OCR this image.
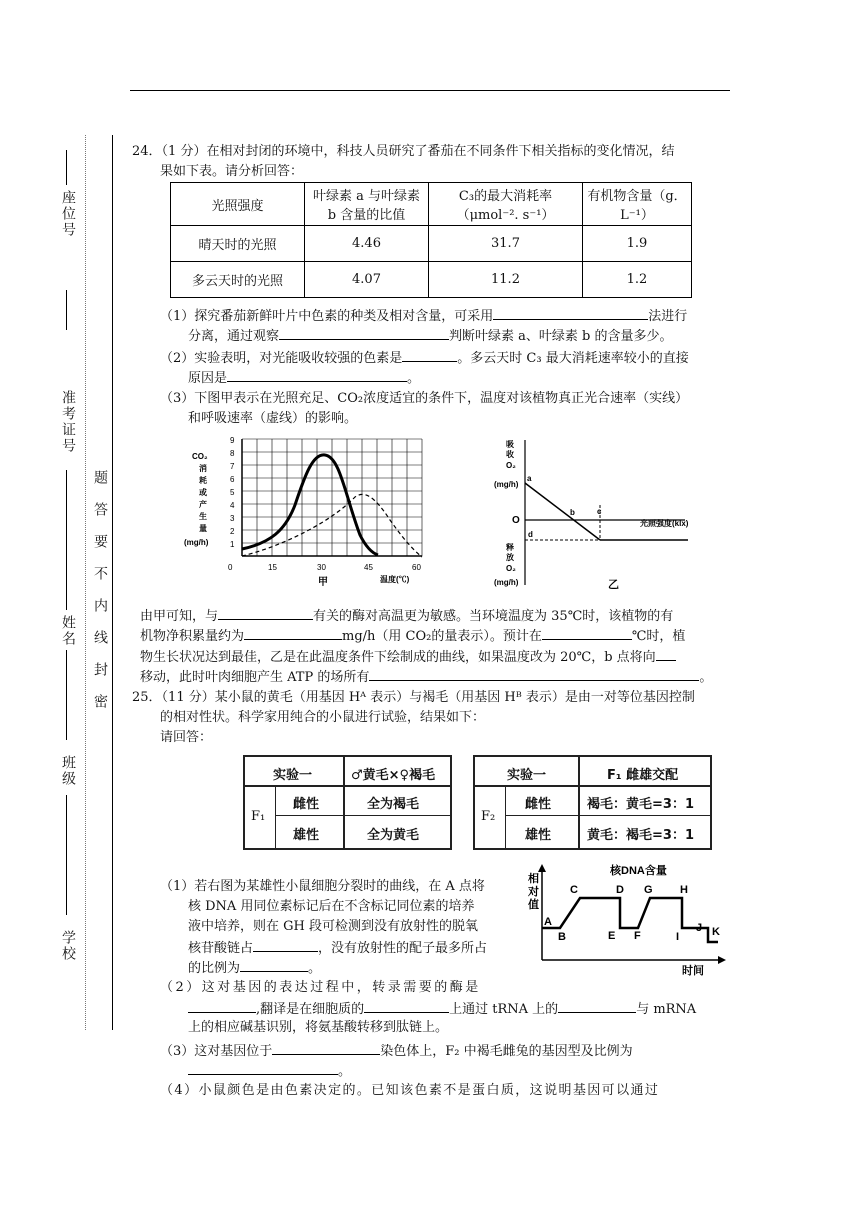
座位号
准考证号
姓名
班级
学校
题答要不内线封密
24．（1 分）在相对封闭的环境中，科技人员研究了番茄在不同条件下相关指标的变化情况，结
果如下表。请分析回答：
光照强度	叶绿素 a 与叶绿素 b 含量的比值	C₃的最大消耗率（μmol⁻². s⁻¹）	有机物含量（g．L⁻¹）
晴天时的光照	4.46	31.7	1.9
多云天时的光照	4.07	11.2	1.2
（1）探究番茄新鲜叶片中色素的种类及相对含量，可采用	法进行
分离，通过观察	判断叶绿素 a、叶绿素 b 的含量多少。
（2）实验表明，对光能吸收较强的色素是	。多云天时 C₃ 最大消耗速率较小的直接
原因是	。
（3）下图甲表示在光照充足、CO₂浓度适宜的条件下，温度对该植物真正光合速率（实线）
和呼吸速率（虚线）的影响。
CO₂
消
耗
或
产
生
量
(mg/h)
9
8
7
6
5
4
3
2
1
0	15	30	45	60
温度(℃)
甲
吸
收
O₂
(mg/h)
释
放
O₂
(mg/h)
O	光照强度(klx)
a
b	c
d
乙
由甲可知，与	有关的酶对高温更为敏感。当环境温度为 35℃时，该植物的有
机物净积累量约为	mg/h（用 CO₂的量表示）。预计在	℃时，植
物生长状况达到最佳，乙是在此温度条件下绘制成的曲线，如果温度改为 20℃，b 点将向
移动，此时叶肉细胞产生 ATP 的场所有	。
25．（11 分）某小鼠的黄毛（用基因 Hᴬ 表示）与褐毛（用基因 Hᴮ 表示）是由一对等位基因控制
的相对性状。科学家用纯合的小鼠进行试验，结果如下：
请回答：
实验一	♂黄毛×♀褐毛
F₁
雌性	全为褐毛
雄性	全为黄毛
实验一	F₁ 雌雄交配
F₂
雌性	褐毛：黄毛=3：1
雄性	黄毛：褐毛=3：1
核DNA含量
相
对
值
时间
A
B
C	D
E F
G H
I
J K
（1）若右图为某雄性小鼠细胞分裂时的曲线，在 A 点将
核 DNA 用同位素标记后在不含标记同位素的培养
液中培养，则在 GH 段可检测到没有放射性的脱氧
核苷酸链占	，没有放射性的配子最多所占
的比例为	。
（2）这对基因的表达过程中，转录需要的酶是
,翻译是在细胞质的	上通过 tRNA 上的	与 mRNA
上的相应碱基识别，将氨基酸转移到肽链上。
（3）这对基因位于	染色体上，F₂ 中褐毛雌兔的基因型及比例为
。
（4）小鼠颜色是由色素决定的。已知该色素不是蛋白质，这说明基因可以通过
